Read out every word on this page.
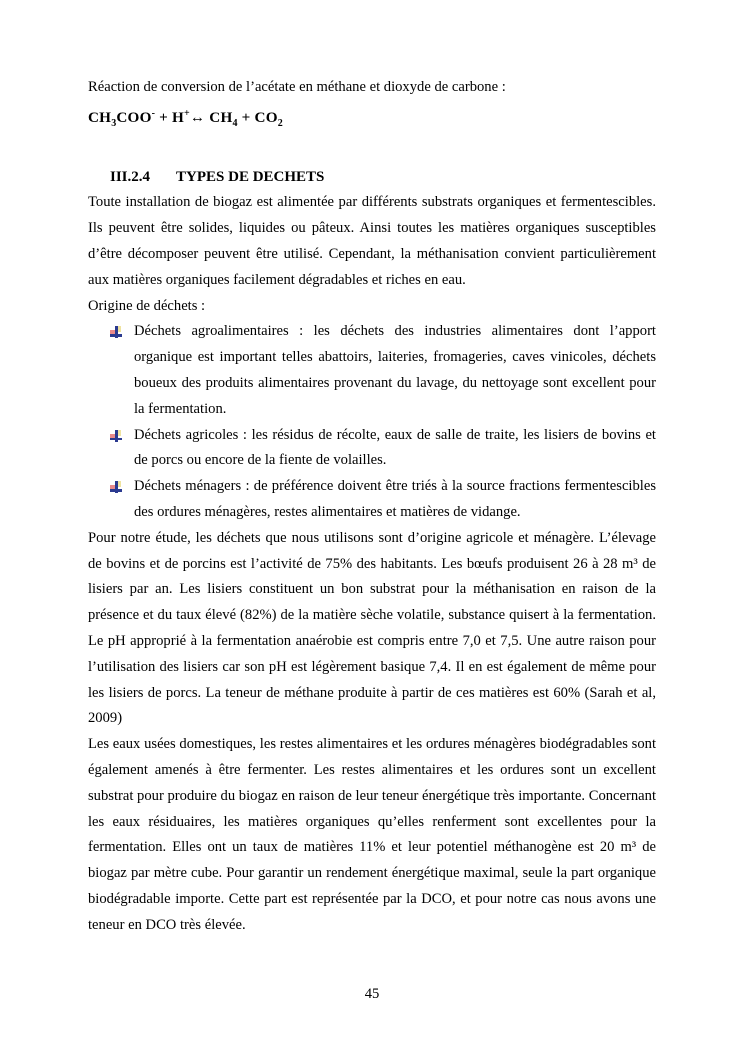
Réaction de conversion de l’acétate en méthane et dioxyde de carbone :
$CH_3COO^-$ + H+↔ $CH_4 + CO_2$
III.2.4 TYPES DE DECHETS
Toute installation de biogaz est alimentée par différents substrats organiques et fermentescibles. Ils peuvent être solides, liquides ou pâteux. Ainsi toutes les matières organiques susceptibles d’être décomposer peuvent être utilisé. Cependant, la méthanisation convient particulièrement aux matières organiques facilement dégradables et riches en eau.
Origine de déchets :
Déchets agroalimentaires : les déchets des industries alimentaires dont l’apport organique est important telles abattoirs, laiteries, fromageries, caves vinicoles, déchets boueux des produits alimentaires provenant du lavage, du nettoyage sont excellent pour la fermentation.
Déchets agricoles : les résidus de récolte, eaux de salle de traite, les lisiers de bovins et de porcs ou encore de la fiente de volailles.
Déchets ménagers : de préférence doivent être triés à la source fractions fermentescibles des ordures ménagères, restes alimentaires et matières de vidange.
Pour notre étude, les déchets que nous utilisons sont d’origine agricole et ménagère. L’élevage de bovins et de porcins est l’activité de 75% des habitants. Les bœufs produisent 26 à 28 m³ de lisiers par an. Les lisiers constituent un bon substrat pour la méthanisation en raison de la présence et du taux élevé (82%) de la matière sèche volatile, substance quisert à la fermentation. Le pH approprié à la fermentation anaérobie est compris entre 7,0 et 7,5. Une autre raison pour l’utilisation des lisiers car son pH est légèrement basique 7,4. Il en est également de même pour les lisiers de porcs. La teneur de méthane produite à partir de ces matières est 60% (Sarah et al, 2009)
Les eaux usées domestiques, les restes alimentaires et les ordures ménagères biodégradables sont également amenés à être fermenter. Les restes alimentaires et les ordures sont un excellent substrat pour produire du biogaz en raison de leur teneur énergétique très importante. Concernant les eaux résiduaires, les matières organiques qu’elles renferment sont excellentes pour la fermentation. Elles ont un taux de matières 11% et leur potentiel méthanogène est 20 m³ de biogaz par mètre cube. Pour garantir un rendement énergétique maximal, seule la part organique biodégradable importe. Cette part est représentée par la DCO, et pour notre cas nous avons une teneur en DCO très élevée.
45
